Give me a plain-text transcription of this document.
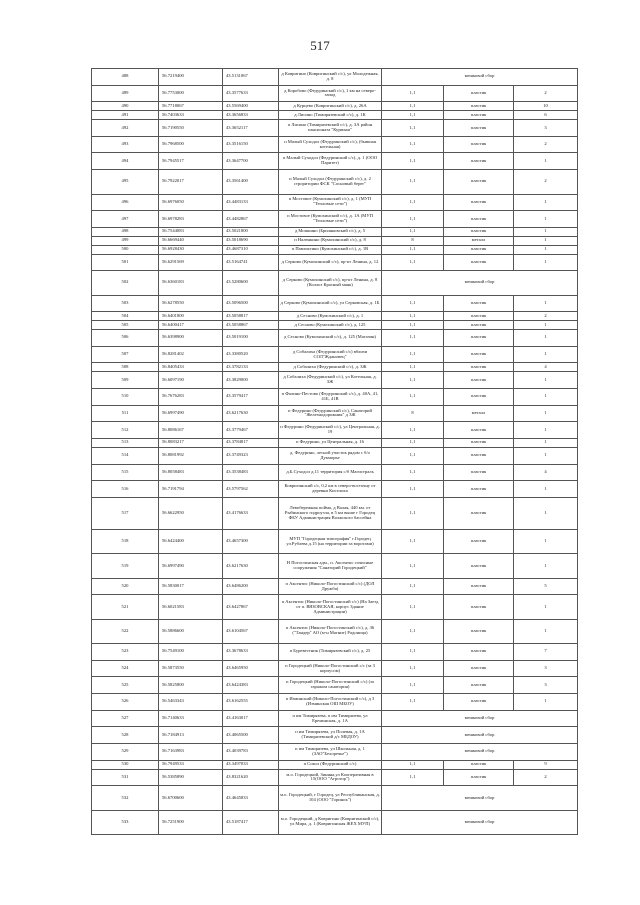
517
488	56.7219400	43.5131067	д Ковригино (Ковригинский с/с), ул Молодежная, д. 8	мешковой сбор		
489	56.7753000	43.3577633	д Коробово (Федуринский с/с), 1 км на северо-запад	1,1	пластик	2
490	56.7718067	43.5569400	д Курцево (Ковригинский с/с), д. 26А	1,1	пластик	10
491	56.7403633	43.3656833	д Лисино (Тимирязевский с/с), д. 1К	1,1	пластик	6
492	56.7190550	43.3652117	п Лисино (Тимирязевский с/с), д. 3А район пансионата "Курмыш"	1,1	пластик	3
493	56.7968500	43.3516150	п Малый Суходол (Федуринский с/с), (бывшая котельная)	1,1	пластик	2
494	56.7945517	43.3647700	п Малый Суходол (Федуринский с/с), д. 1 (ООО Паритет)	1,1	пластик	1
495	56.7922017	43.3561400	п Малый Суходол (Федуринский с/с), д. 2 строритории ФСК "Сосновый берег"	1,1	пластик	2
496	56.6976050	43.4483133	п Мостовое (Кумохинский с/с), д. 1 (МУП "Тепловые сети")	1,1	пластик	1
497	56.6978283	43.4482867	п Мостовое (Кумохинский с/с), д. 1А (МУП "Тепловые сети")	1,1	пластик	1
498	56.7544083	43.5021800	д Мошкино (Бриляковский с/с), д. 5	1,1	пластик	1
499	56.6669440	43.5018690	п Наленкино (Кумохинский с/с), д. 8	8	металл	1
500	56.6928430	43.4687310	п Павлоктино (Кумохинский с/с), д. 1В	1,1	пластик	1
501	56.6291569	43.5164741	д Серково (Кумохинский с/с), пр-кт Ленина, д. 12	1,1	пластик	1
502	56.6360183	43.5280600	д Серково (Кумохинский с/с), пр-кт Ленина, д. 8 (Колхоз Красный маяк)	мешковой сбор		
503	56.6278550	43.5096500	д Серково (Кумохинский с/с), ул Серковская, д. 1Б	1,1	пластик	1
504	56.6401800	43.5058817	д Сесново (Кумохинский с/с), д. 1	1,1	пластик	2
505	56.6400417	43.5058867	д Сесново (Кумохинский с/с), д. 125	1,1	пластик	1
506	56.6398900	43.5019100	д Сесново (Кумохинский с/с), д. 125 (Магазин)	1,1	пластик	1
507	56.8281402	43.3380520	д Собалиха (Федуринский с/с) вблизи СОЛ"Ждановец"	1,1	пластик	1
508	56.8405433	43.3782133	д Собалиха (Федуринский с/с), д. 3Ж	1,1	пластик	4
509	56.6097190	43.3829000	д Собалиха (Федуринский с/с), ул Котельная, д. 3Ж	1,1	пластик	1
510	56.7676283	43.3579417	п Фалино-Пестово (Федуринский с/с), д. 40А, 41, 41Б, 41В	1,1	пластик	1
511	56.6997490	43.6217630	п Федурино (Федуринский с/с), Санаторий "Железнодорожник" д 3Ж	8	металл	1
512	56.8086167	43.3779467	п Федурино (Федуринский с/с), ул Центральная, д. 19	1,1	пластик	1
513	56.8083217	43.3784817	п Федурино, ул Центральная, д. 16	1,1	пластик	1
514	56.8081992	43.3749323	д. Федурино, лесной участок рядом с б/о Дукморье	1,1	пластик	1
515	56.8058483	43.3538483	д.Б.Суходол д.11 территория с/б Магистраль	1,1	пластик	4
516	56.7191794	43.5797562	Ковригинский с/с, 0,2 км в северо-восточну от деревни Киселиха	1,1	пластик	1
517	56.6622950	43.4176633	Левобережная пойма, д Валая, 440 км. от Рыбинского гидроузла, в 5 км выше г Городец ФБУ Администрация Волжского бассейна	1,1	пластик	1
518	56.6424400	43.4657300	МУП "Городецкая типография" г.Городец ул.Рублева д.15 (на территории за воротами)	1,1	пластик	1
519	56.6997490	43.6217630	Н Погостинская адм., п. Аксентис сочисные сооружения "Санаторий Городецкий"	1,1	пластик	1
520	56.5830017	43.6486200	п Аксентис (Николо-Погостинский с/с) (ДОЛ Дружба)	1,1	пластик	5
521	56.6021583	43.6427867	п Аксентис (Николо-Погостинский с/с) (На Заезд от п. ВЯЗОВСКАЯ, корпус Здание Администрации)	1,1	пластик	1
522	56.5886600	43.6104567	п Аксентис (Николо-Погостинский с/с), д. 36 ("Тандер" АО (м-н Магнит) Радоница)	1,1	пластик	1
523	56.7549100	43.3678633	п Буревестник (Тимирязевский с/с), д. 25	1,1	пластик	7
524	56.5873550	43.6465950	п Городецкий (Николо-Погостинский с/с (за 3 корпусом)	1,1	пластик	3
525	56.5825800	43.6424383	п Городецкий (Николо-Погостинский с/с) (за гаражом санатория)	1,1	пластик	3
526	56.5463343	43.6162555	п Изминский (Николо-Погостинский с/с), д 3 (Изминская ОШ МБОУ)	1,1	пластик	1
527	56.7140633	43.4163017	п им Тимирязева, п им Тимирязева, ул Ереминская, д. 1А	мешковой сбор		
528	56.7184913	43.4065500	п им Тимирязева, ул Полевая, д. 1А (Тимирязевский д/с МБДОУ)	мешковой сбор		
529	56.7163983	43.4039783	п им Тимирязева, ул Школьная, д. 1 (ЗАО"Белоречье")	мешковой сбор		
530	56.7949533	43.3497033	п Сокол (Федуринский с/с)	1,1	пластик	9
531	56.5385890	43.8321620	м.о. Городецкий, Зиняна,ул Кооперативная в 15(ООО "Агротор")	1,1	пластик	2
532	56.6700600	43.4645833	м.о. Городецкий, г Городец, ул Республиканская, д. 104 (ООО "Горинок")	мешковой сбор		
533	56.7251900	43.5187417	м.о. Городецкий, д Ковригино (Ковригинский с/с), ул Мира, д. 1 (Ковригинская ЖЕХ МУП)	мешковой сбор		
